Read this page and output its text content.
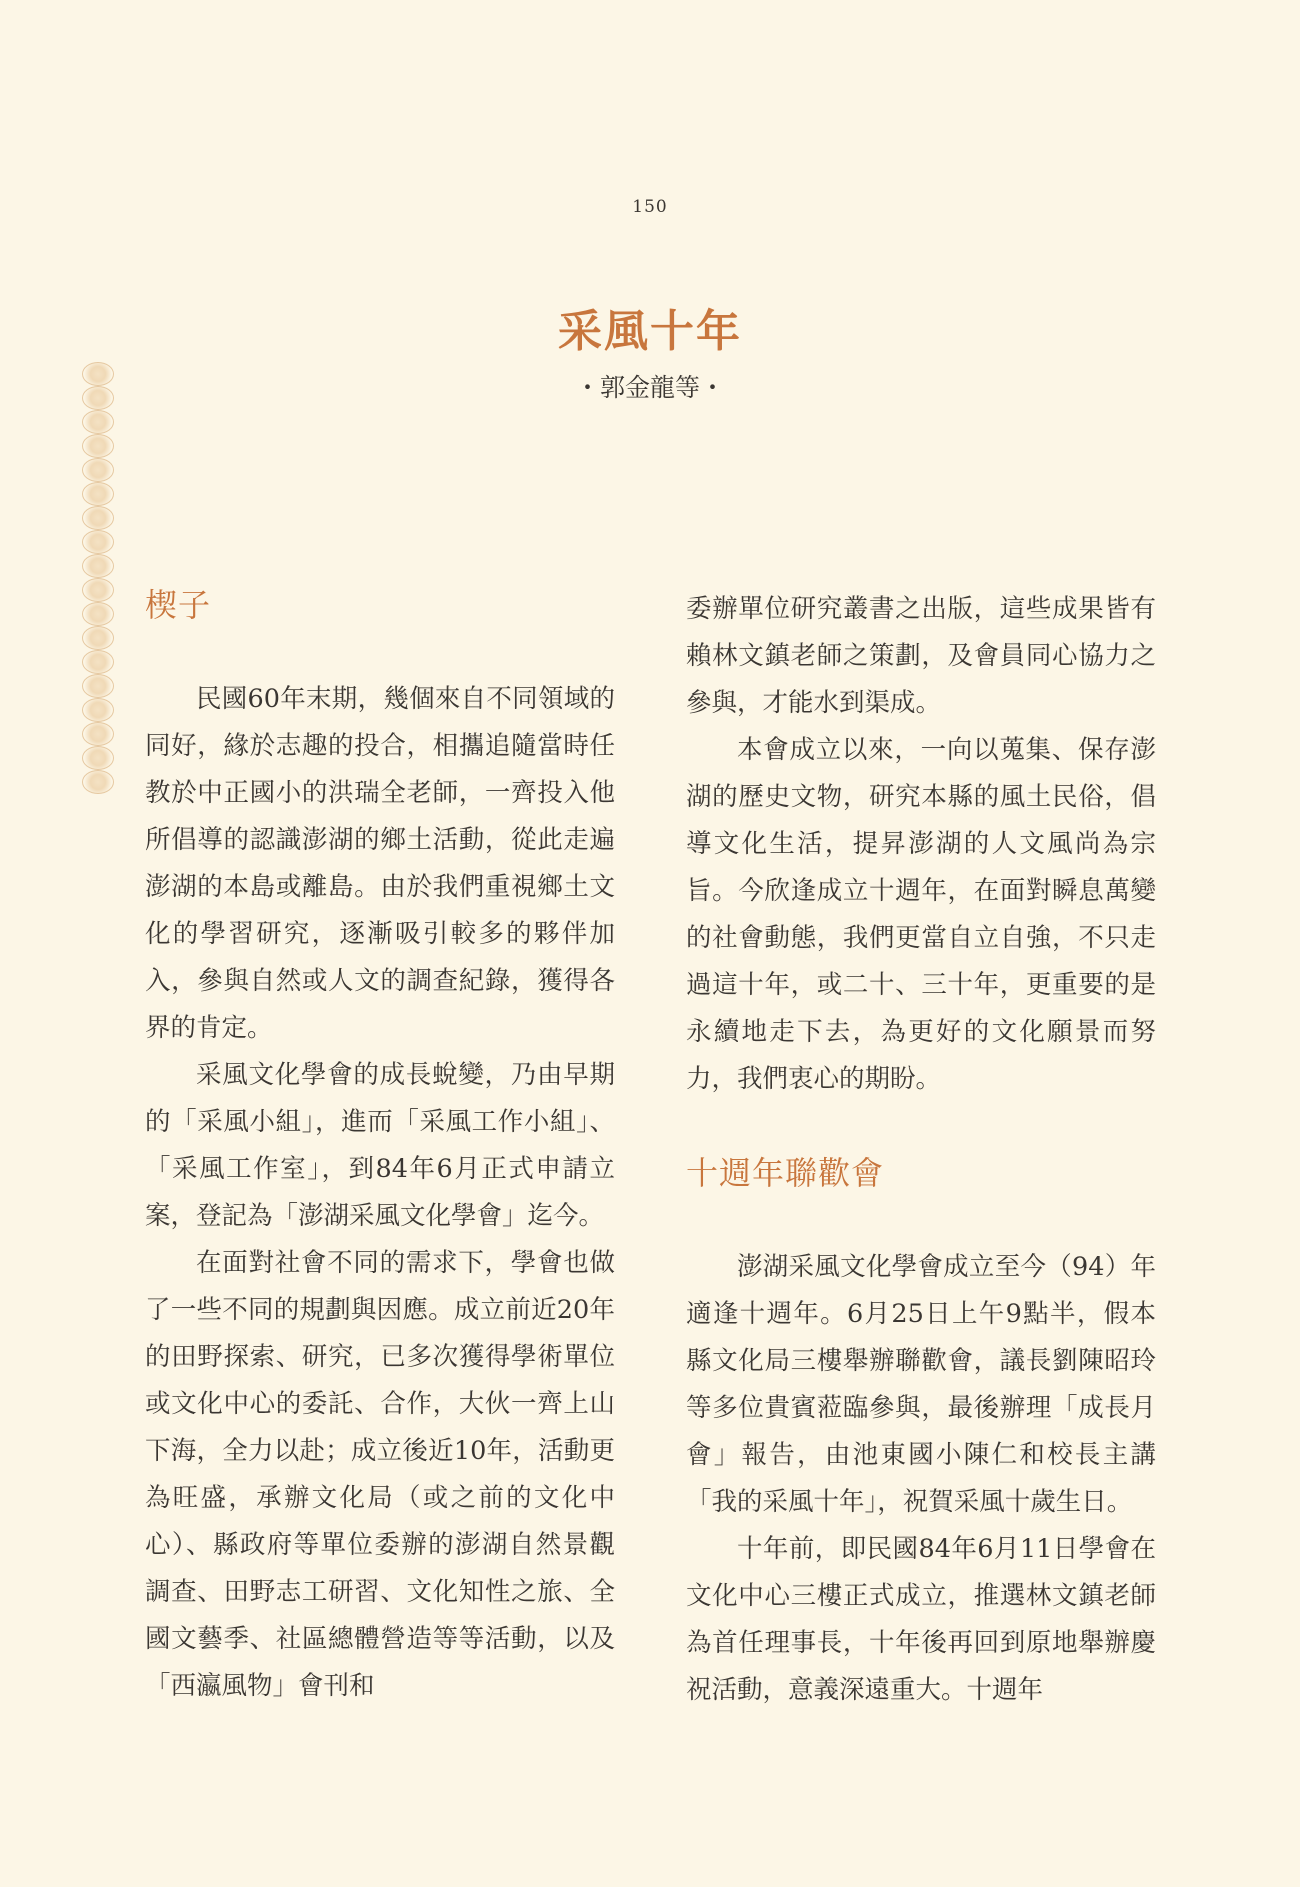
150
采風十年
・郭金龍等・
楔子

民國60年末期，幾個來自不同領域的同好，緣於志趣的投合，相攜追隨當時任教於中正國小的洪瑞全老師，一齊投入他所倡導的認識澎湖的鄉土活動，從此走遍澎湖的本島或離島。由於我們重視鄉土文化的學習研究，逐漸吸引較多的夥伴加入，參與自然或人文的調查紀錄，獲得各界的肯定。

采風文化學會的成長蛻變，乃由早期的「采風小組」，進而「采風工作小組」、「采風工作室」，到84年6月正式申請立案，登記為「澎湖采風文化學會」迄今。

在面對社會不同的需求下，學會也做了一些不同的規劃與因應。成立前近20年的田野探索、研究，已多次獲得學術單位或文化中心的委託、合作，大伙一齊上山下海，全力以赴；成立後近10年，活動更為旺盛，承辦文化局（或之前的文化中心）、縣政府等單位委辦的澎湖自然景觀調查、田野志工研習、文化知性之旅、全國文藝季、社區總體營造等等活動，以及「西瀛風物」會刊和

委辦單位研究叢書之出版，這些成果皆有賴林文鎮老師之策劃，及會員同心協力之參與，才能水到渠成。

本會成立以來，一向以蒐集、保存澎湖的歷史文物，研究本縣的風土民俗，倡導文化生活，提昇澎湖的人文風尚為宗旨。今欣逢成立十週年，在面對瞬息萬變的社會動態，我們更當自立自強，不只走過這十年，或二十、三十年，更重要的是永續地走下去，為更好的文化願景而努力，我們衷心的期盼。

十週年聯歡會

澎湖采風文化學會成立至今（94）年適逢十週年。6月25日上午9點半，假本縣文化局三樓舉辦聯歡會，議長劉陳昭玲等多位貴賓蒞臨參與，最後辦理「成長月會」報告，由池東國小陳仁和校長主講「我的采風十年」，祝賀采風十歲生日。

十年前，即民國84年6月11日學會在文化中心三樓正式成立，推選林文鎮老師為首任理事長，十年後再回到原地舉辦慶祝活動，意義深遠重大。十週年
